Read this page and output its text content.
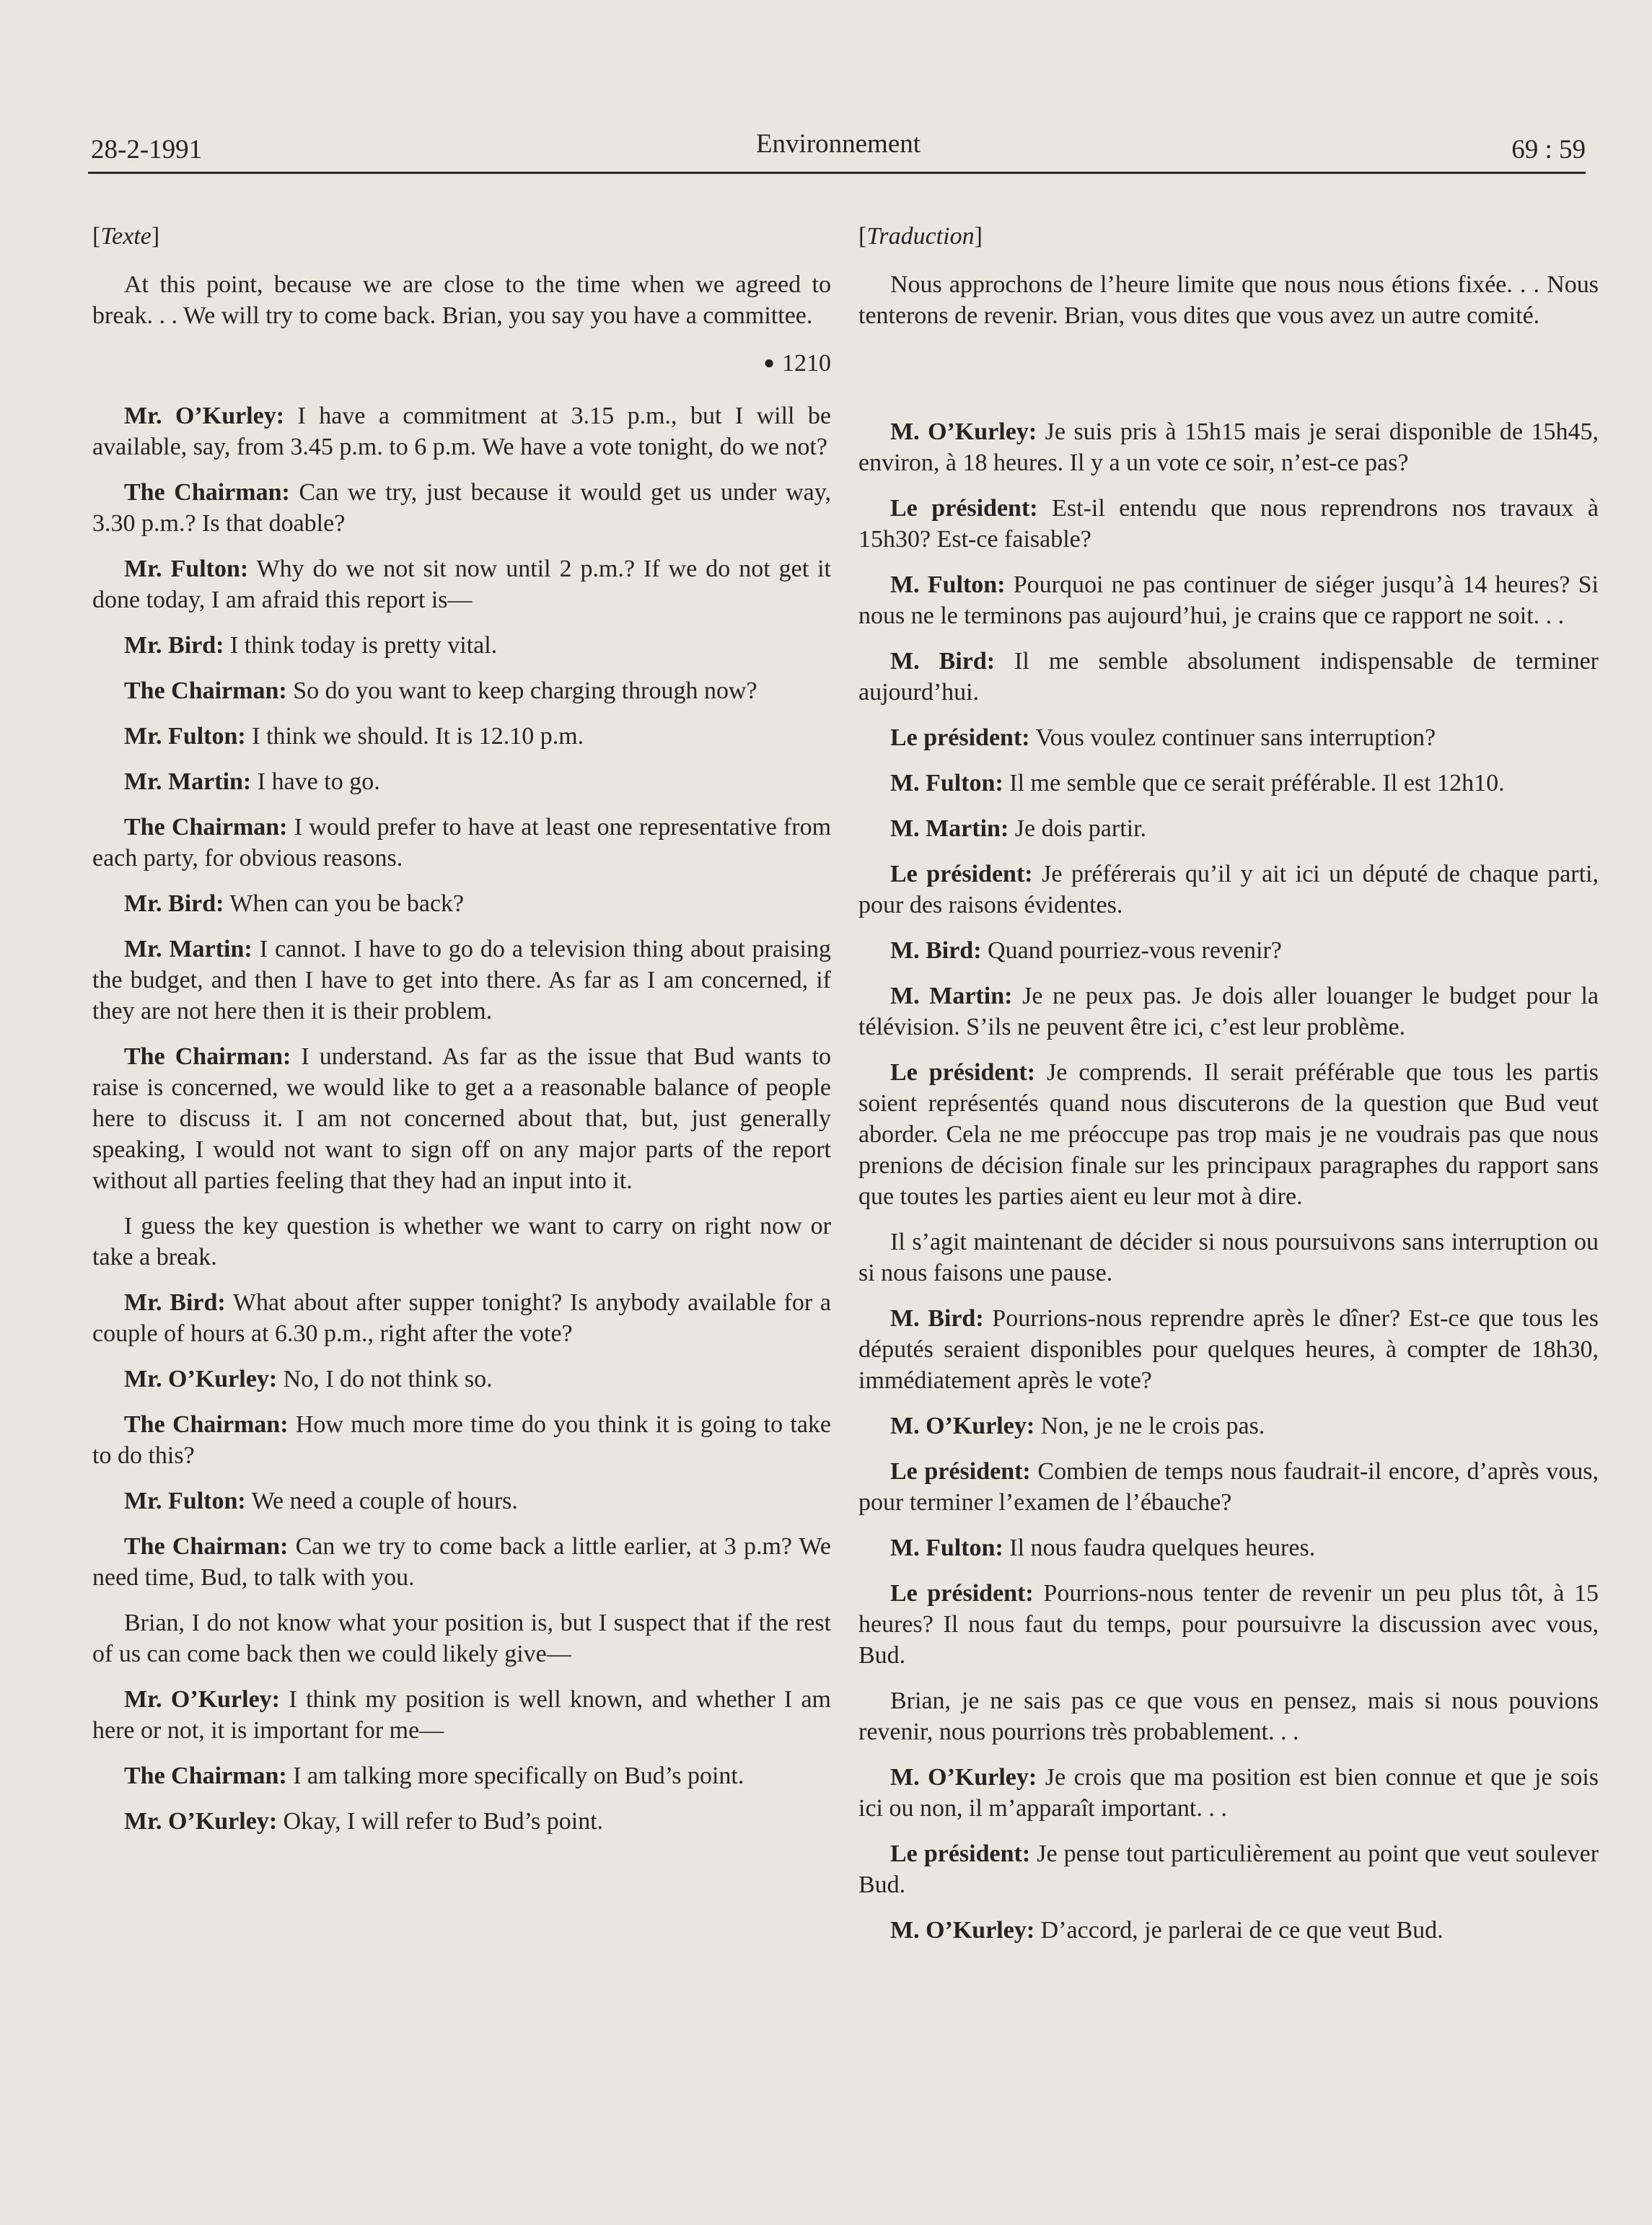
28-2-1991	Environnement	69 : 59

[ Texte ]

At this point, because we are close to the time when we agreed to break. . . We will try to come back. Brian, you say you have a committee.

● 1210

Mr. O’Kurley: I have a commitment at 3.15 p.m., but I will be available, say, from 3.45 p.m. to 6 p.m. We have a vote tonight, do we not?

The Chairman: Can we try, just because it would get us under way, 3.30 p.m.? Is that doable?

Mr. Fulton: Why do we not sit now until 2 p.m.? If we do not get it done today, I am afraid this report is—

Mr. Bird: I think today is pretty vital.

The Chairman: So do you want to keep charging through now?

Mr. Fulton: I think we should. It is 12.10 p.m.

Mr. Martin: I have to go.

The Chairman: I would prefer to have at least one representative from each party, for obvious reasons.

Mr. Bird: When can you be back?

Mr. Martin: I cannot. I have to go do a television thing about praising the budget, and then I have to get into there. As far as I am concerned, if they are not here then it is their problem.

The Chairman: I understand. As far as the issue that Bud wants to raise is concerned, we would like to get a a reasonable balance of people here to discuss it. I am not concerned about that, but, just generally speaking, I would not want to sign off on any major parts of the report without all parties feeling that they had an input into it.

I guess the key question is whether we want to carry on right now or take a break.

Mr. Bird: What about after supper tonight? Is anybody available for a couple of hours at 6.30 p.m., right after the vote?

Mr. O’Kurley: No, I do not think so.

The Chairman: How much more time do you think it is going to take to do this?

Mr. Fulton: We need a couple of hours.

The Chairman: Can we try to come back a little earlier, at 3 p.m? We need time, Bud, to talk with you.

Brian, I do not know what your position is, but I suspect that if the rest of us can come back then we could likely give—

Mr. O’Kurley: I think my position is well known, and whether I am here or not, it is important for me—

The Chairman: I am talking more specifically on Bud’s point.

Mr. O’Kurley: Okay, I will refer to Bud’s point.

[ Traduction ]

Nous approchons de l’heure limite que nous nous étions fixée. . . Nous tenterons de revenir. Brian, vous dites que vous avez un autre comité.

M. O’Kurley: Je suis pris à 15h15 mais je serai disponible de 15h45, environ, à 18 heures. Il y a un vote ce soir, n’est-ce pas?

Le président: Est-il entendu que nous reprendrons nos travaux à 15h30? Est-ce faisable?

M. Fulton: Pourquoi ne pas continuer de siéger jusqu’à 14 heures? Si nous ne le terminons pas aujourd’hui, je crains que ce rapport ne soit. . .

M. Bird: Il me semble absolument indispensable de terminer aujourd’hui.

Le président: Vous voulez continuer sans interruption?

M. Fulton: Il me semble que ce serait préférable. Il est 12h10.

M. Martin: Je dois partir.

Le président: Je préférerais qu’il y ait ici un député de chaque parti, pour des raisons évidentes.

M. Bird: Quand pourriez-vous revenir?

M. Martin: Je ne peux pas. Je dois aller louanger le budget pour la télévision. S’ils ne peuvent être ici, c’est leur problème.

Le président: Je comprends. Il serait préférable que tous les partis soient représentés quand nous discuterons de la question que Bud veut aborder. Cela ne me préoccupe pas trop mais je ne voudrais pas que nous prenions de décision finale sur les principaux paragraphes du rapport sans que toutes les parties aient eu leur mot à dire.

Il s’agit maintenant de décider si nous poursuivons sans interruption ou si nous faisons une pause.

M. Bird: Pourrions-nous reprendre après le dîner? Est-ce que tous les députés seraient disponibles pour quelques heures, à compter de 18h30, immédiatement après le vote?

M. O’Kurley: Non, je ne le crois pas.

Le président: Combien de temps nous faudrait-il encore, d’après vous, pour terminer l’examen de l’ébauche?

M. Fulton: Il nous faudra quelques heures.

Le président: Pourrions-nous tenter de revenir un peu plus tôt, à 15 heures? Il nous faut du temps, pour poursuivre la discussion avec vous, Bud.

Brian, je ne sais pas ce que vous en pensez, mais si nous pouvions revenir, nous pourrions très probablement. . .

M. O’Kurley: Je crois que ma position est bien connue et que je sois ici ou non, il m’apparaît important. . .

Le président: Je pense tout particulièrement au point que veut soulever Bud.

M. O’Kurley: D’accord, je parlerai de ce que veut Bud.
